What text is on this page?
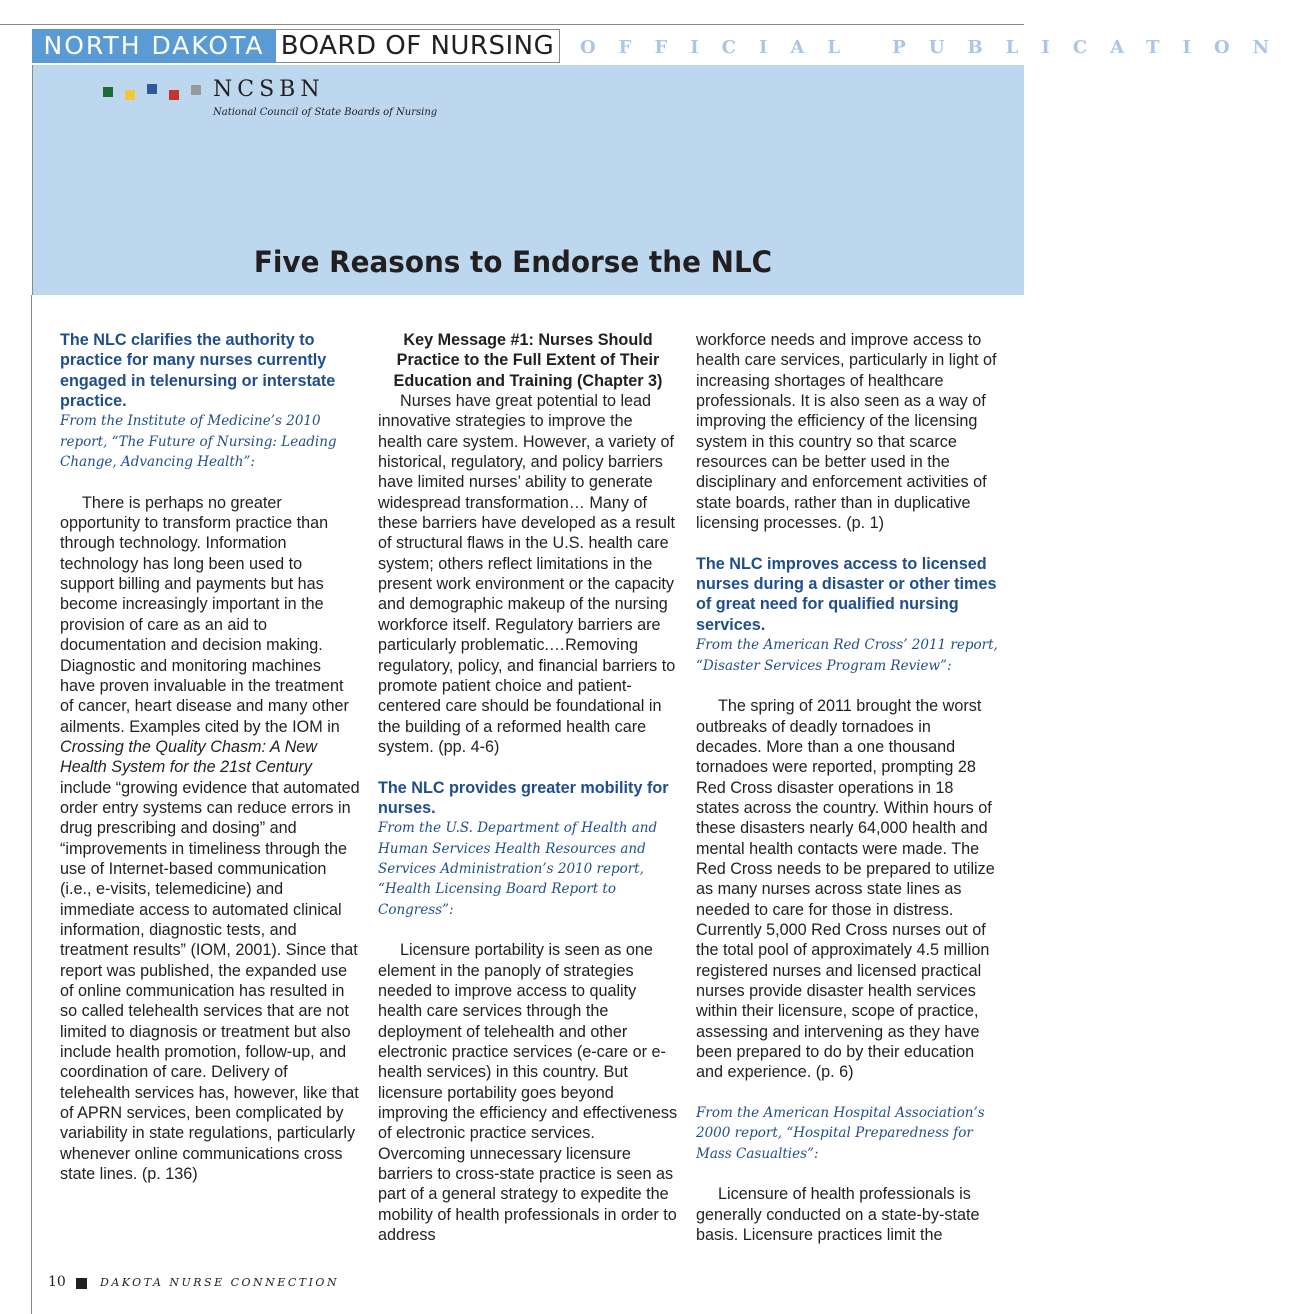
NORTH DAKOTA BOARD OF NURSING	OFFICIAL PUBLICATION
NCSBN
National Council of State Boards of Nursing
Five Reasons to Endorse the NLC

The NLC clarifies the authority to practice for many nurses currently engaged in telenursing or interstate practice.

From the Institute of Medicine’s 2010 report, “The Future of Nursing: Leading Change, Advancing Health”:

There is perhaps no greater opportunity to transform practice than through technology. Information technology has long been used to support billing and payments but has become increasingly important in the provision of care as an aid to documentation and decision making. Diagnostic and monitoring machines have proven invaluable in the treatment of cancer, heart disease and many other ailments. Examples cited by the IOM in Crossing the Quality Chasm: A New Health System for the 21st Century include “growing evidence that automated order entry systems can reduce errors in drug prescribing and dosing” and “improvements in timeliness through the use of Internet-based communication (i.e., e-visits, telemedicine) and immediate access to automated clinical information, diagnostic tests, and treatment results” (IOM, 2001). Since that report was published, the expanded use of online communication has resulted in so called telehealth services that are not limited to diagnosis or treatment but also include health promotion, follow-up, and coordination of care. Delivery of telehealth services has, however, like that of APRN services, been complicated by variability in state regulations, particularly whenever online communications cross state lines. (p. 136)

Key Message #1: Nurses Should Practice to the Full Extent of Their Education and Training (Chapter 3)

Nurses have great potential to lead innovative strategies to improve the health care system. However, a variety of historical, regulatory, and policy barriers have limited nurses’ ability to generate widespread transformation… Many of these barriers have developed as a result of structural flaws in the U.S. health care system; others reflect limitations in the present work environment or the capacity and demographic makeup of the nursing workforce itself. Regulatory barriers are particularly problematic.…Removing regulatory, policy, and financial barriers to promote patient choice and patient-centered care should be foundational in the building of a reformed health care system. (pp. 4-6)

The NLC provides greater mobility for nurses.

From the U.S. Department of Health and Human Services Health Resources and Services Administration’s 2010 report, “Health Licensing Board Report to Congress”:

Licensure portability is seen as one element in the panoply of strategies needed to improve access to quality health care services through the deployment of telehealth and other electronic practice services (e-care or e-health services) in this country. But licensure portability goes beyond improving the efficiency and effectiveness of electronic practice services. Overcoming unnecessary licensure barriers to cross-state practice is seen as part of a general strategy to expedite the mobility of health professionals in order to address

workforce needs and improve access to health care services, particularly in light of increasing shortages of healthcare professionals. It is also seen as a way of improving the efficiency of the licensing system in this country so that scarce resources can be better used in the disciplinary and enforcement activities of state boards, rather than in duplicative licensing processes. (p. 1)

The NLC improves access to licensed nurses during a disaster or other times of great need for qualified nursing services.

From the American Red Cross’ 2011 report, “Disaster Services Program Review”:

The spring of 2011 brought the worst outbreaks of deadly tornadoes in decades. More than a one thousand tornadoes were reported, prompting 28 Red Cross disaster operations in 18 states across the country. Within hours of these disasters nearly 64,000 health and mental health contacts were made. The Red Cross needs to be prepared to utilize as many nurses across state lines as needed to care for those in distress. Currently 5,000 Red Cross nurses out of the total pool of approximately 4.5 million registered nurses and licensed practical nurses provide disaster health services within their licensure, scope of practice, assessing and intervening as they have been prepared to do by their education and experience. (p. 6)

From the American Hospital Association’s 2000 report, “Hospital Preparedness for Mass Casualties”:

Licensure of health professionals is generally conducted on a state-by-state basis. Licensure practices limit the

10	DAKOTA NURSE CONNECTION
